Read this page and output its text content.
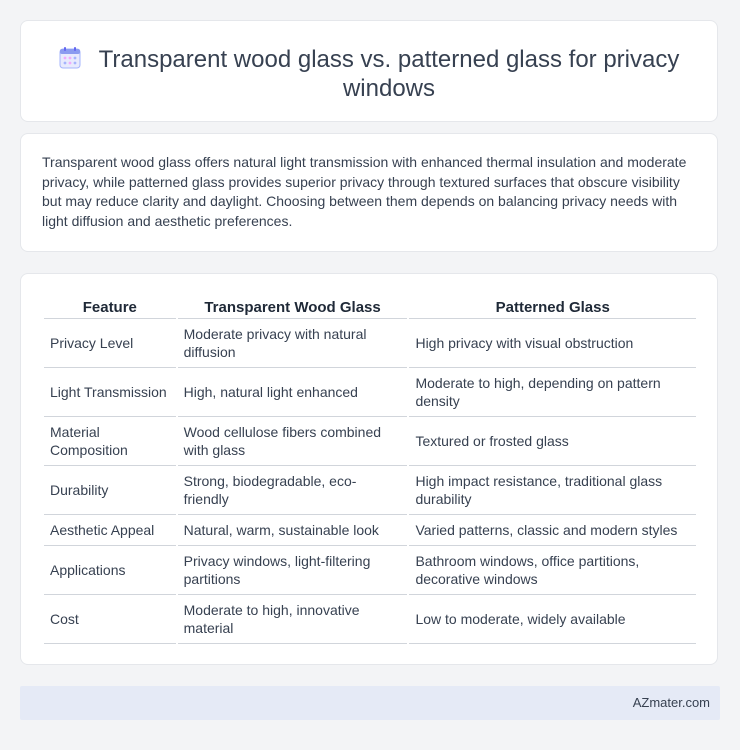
Transparent wood glass vs. patterned glass for privacy windows
Transparent wood glass offers natural light transmission with enhanced thermal insulation and moderate privacy, while patterned glass provides superior privacy through textured surfaces that obscure visibility but may reduce clarity and daylight. Choosing between them depends on balancing privacy needs with light diffusion and aesthetic preferences.
Feature	Transparent Wood Glass	Patterned Glass
Privacy Level	Moderate privacy with natural diffusion	High privacy with visual obstruction
Light Transmission	High, natural light enhanced	Moderate to high, depending on pattern density
Material Composition	Wood cellulose fibers combined with glass	Textured or frosted glass
Durability	Strong, biodegradable, eco-friendly	High impact resistance, traditional glass durability
Aesthetic Appeal	Natural, warm, sustainable look	Varied patterns, classic and modern styles
Applications	Privacy windows, light-filtering partitions	Bathroom windows, office partitions, decorative windows
Cost	Moderate to high, innovative material	Low to moderate, widely available
AZmater.com
